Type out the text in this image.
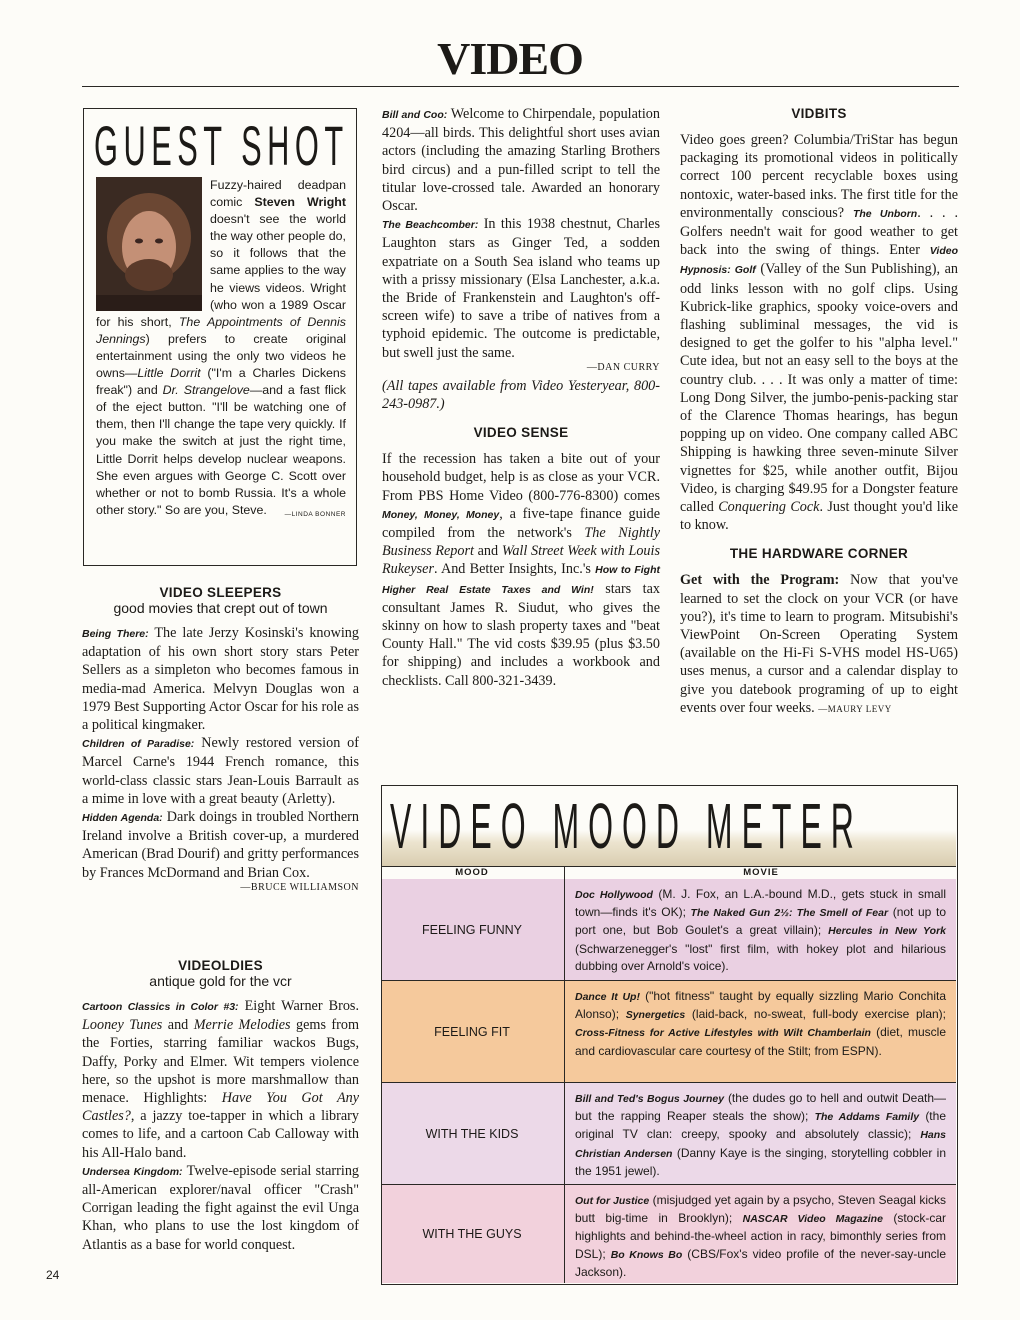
VIDEO
GUEST SHOT
Fuzzy-haired deadpan comic Steven Wright doesn't see the world the way other people do, so it follows that the same applies to the way he views videos. Wright (who won a 1989 Oscar for his short, The Appointments of Dennis Jennings) prefers to create original entertainment using the only two videos he owns—Little Dorrit ("I'm a Charles Dickens freak") and Dr. Strangelove—and a fast flick of the eject button. "I'll be watching one of them, then I'll change the tape very quickly. If you make the switch at just the right time, Little Dorrit helps develop nuclear weapons. She even argues with George C. Scott over whether or not to bomb Russia. It's a whole other story." So are you, Steve.	—LINDA BONNER
VIDEO SLEEPERS
good movies that crept out of town

Being There: The late Jerzy Kosinski's knowing adaptation of his own short story stars Peter Sellers as a simpleton who becomes famous in media-mad America. Melvyn Douglas won a 1979 Best Supporting Actor Oscar for his role as a political kingmaker.

Children of Paradise: Newly restored version of Marcel Carne's 1944 French romance, this world-class classic stars Jean-Louis Barrault as a mime in love with a great beauty (Arletty).

Hidden Agenda: Dark doings in troubled Northern Ireland involve a British cover-up, a murdered American (Brad Dourif) and gritty performances by Frances McDormand and Brian Cox.

—BRUCE WILLIAMSON
VIDEOLDIES
antique gold for the vcr

Cartoon Classics in Color #3: Eight Warner Bros. Looney Tunes and Merrie Melodies gems from the Forties, starring familiar wackos Bugs, Daffy, Porky and Elmer. Wit tempers violence here, so the upshot is more marshmallow than menace. Highlights: Have You Got Any Castles?, a jazzy toe-tapper in which a library comes to life, and a cartoon Cab Calloway with his All-Halo band.

Undersea Kingdom: Twelve-episode serial starring all-American explorer/naval officer "Crash" Corrigan leading the fight against the evil Unga Khan, who plans to use the lost kingdom of Atlantis as a base for world conquest.

Bill and Coo: Welcome to Chirpendale, population 4204—all birds. This delightful short uses avian actors (including the amazing Starling Brothers bird circus) and a pun-filled script to tell the titular love-crossed tale. Awarded an honorary Oscar.

The Beachcomber: In this 1938 chestnut, Charles Laughton stars as Ginger Ted, a sodden expatriate on a South Sea island who teams up with a prissy missionary (Elsa Lanchester, a.k.a. the Bride of Frankenstein and Laughton's off-screen wife) to save a tribe of natives from a typhoid epidemic. The outcome is predictable, but swell just the same.

—DAN CURRY

(All tapes available from Video Yesteryear, 800-243-0987.)

VIDEO SENSE

If the recession has taken a bite out of your household budget, help is as close as your VCR. From PBS Home Video (800-776-8300) comes Money, Money, Money, a five-tape finance guide compiled from the network's The Nightly Business Report and Wall Street Week with Louis Rukeyser. And Better Insights, Inc.'s How to Fight Higher Real Estate Taxes and Win! stars tax consultant James R. Siudut, who gives the skinny on how to slash property taxes and "beat County Hall." The vid costs $39.95 (plus $3.50 for shipping) and includes a workbook and checklists. Call 800-321-3439.

VIDBITS

Video goes green? Columbia/TriStar has begun packaging its promotional videos in politically correct 100 percent recyclable boxes using nontoxic, water-based inks. The first title for the environmentally conscious? The Unborn. . . . Golfers needn't wait for good weather to get back into the swing of things. Enter Video Hypnosis: Golf (Valley of the Sun Publishing), an odd links lesson with no golf clips. Using Kubrick-like graphics, spooky voice-overs and flashing subliminal messages, the vid is designed to get the golfer to his "alpha level." Cute idea, but not an easy sell to the boys at the country club. . . . It was only a matter of time: Long Dong Silver, the jumbo-penis-packing star of the Clarence Thomas hearings, has begun popping up on video. One company called ABC Shipping is hawking three seven-minute Silver vignettes for $25, while another outfit, Bijou Video, is charging $49.95 for a Dongster feature called Conquering Cock. Just thought you'd like to know.

THE HARDWARE CORNER

Get with the Program: Now that you've learned to set the clock on your VCR (or have you?), it's time to learn to program. Mitsubishi's ViewPoint On-Screen Operating System (available on the Hi-Fi S-VHS model HS-U65) uses menus, a cursor and a calendar display to give you datebook programing of up to eight events over four weeks. —MAURY LEVY

VIDEO MOOD METER
MOOD	MOVIE
FEELING FUNNY
Doc Hollywood (M. J. Fox, an L.A.-bound M.D., gets stuck in small town—finds it's OK); The Naked Gun 2½: The Smell of Fear (not up to port one, but Bob Goulet's a great villain); Hercules in New York (Schwarzenegger's "lost" first film, with hokey plot and hilarious dubbing over Arnold's voice).
FEELING FIT
Dance It Up! ("hot fitness" taught by equally sizzling Mario Conchita Alonso); Synergetics (laid-back, no-sweat, full-body exercise plan); Cross-Fitness for Active Lifestyles with Wilt Chamberlain (diet, muscle and cardiovascular care courtesy of the Stilt; from ESPN).
WITH THE KIDS
Bill and Ted's Bogus Journey (the dudes go to hell and outwit Death—but the rapping Reaper steals the show); The Addams Family (the original TV clan: creepy, spooky and absolutely classic); Hans Christian Andersen (Danny Kaye is the singing, storytelling cobbler in the 1951 jewel).
WITH THE GUYS
Out for Justice (misjudged yet again by a psycho, Steven Seagal kicks butt big-time in Brooklyn); NASCAR Video Magazine (stock-car highlights and behind-the-wheel action in racy, bimonthly series from DSL); Bo Knows Bo (CBS/Fox's video profile of the never-say-uncle Jackson).
24
